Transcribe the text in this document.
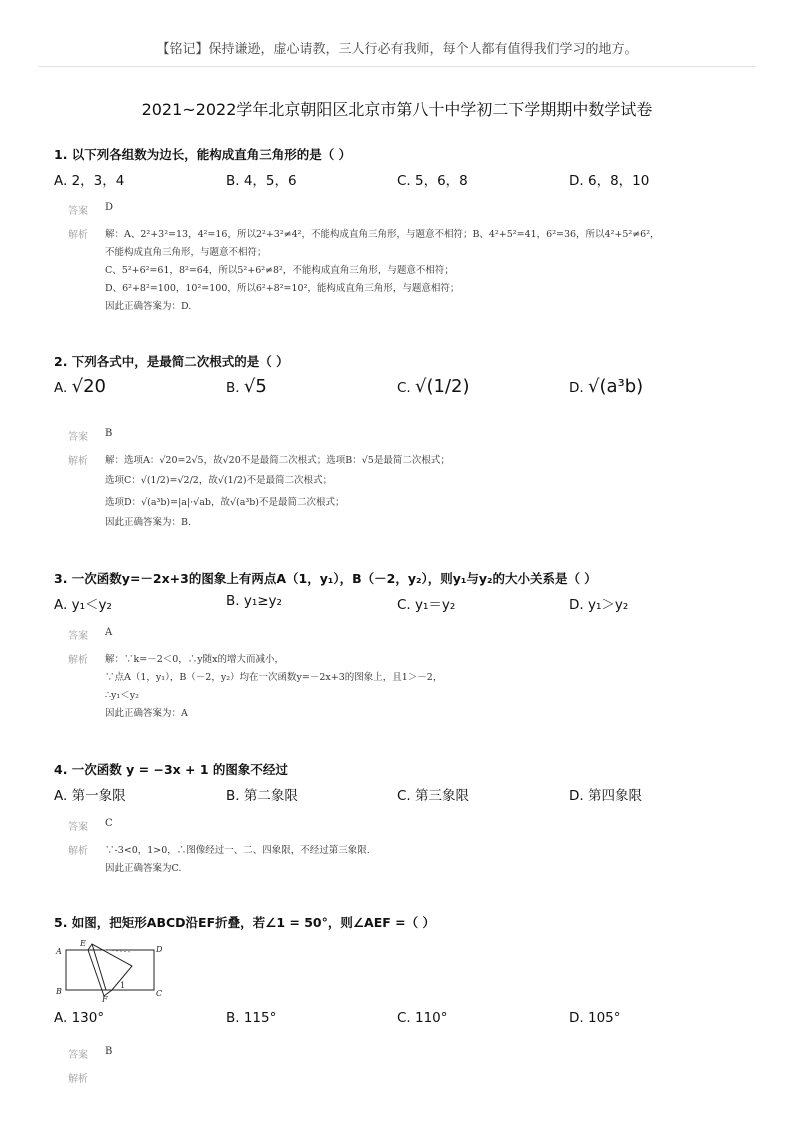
【铭记】保持谦逊，虚心请教，三人行必有我师，每个人都有值得我们学习的地方。
2021~2022学年北京朝阳区北京市第八十中学初二下学期期中数学试卷
1. 以下列各组数为边长，能构成直角三角形的是（ ）
A. 2，3，4	B. 4，5，6	C. 5，6，8	D. 6，8，10
答案 D
解析 解：A、2²+3²=13，4²=16，所以2²+3²≠4²，不能构成直角三角形，与题意不相符；B、4²+5²=41，6²=36，所以4²+5²≠6²，
不能构成直角三角形，与题意不相符；
C、5²+6²=61，8²=64，所以5²+6²≠8²，不能构成直角三角形，与题意不相符；
D、6²+8²=100，10²=100，所以6²+8²=10²，能构成直角三角形，与题意相符；
因此正确答案为：D.
2. 下列各式中，是最简二次根式的是（ ）
A. √20	B. √5	C. √(1/2)	D. √(a³b)
答案 B
解析 解：选项A：√20=2√5，故√20不是最简二次根式；选项B：√5是最简二次根式；
选项C：√(1/2)=√2/2，故√(1/2)不是最简二次根式；
选项D：√(a³b)=|a|·√ab，故√(a³b)不是最简二次根式；
因此正确答案为：B.
3. 一次函数y=－2x+3的图象上有两点A（1，y₁），B（－2，y₂），则y₁与y₂的大小关系是（ ）
A. y₁＜y₂	B. y₁≥y₂	C. y₁＝y₂	D. y₁＞y₂
答案 A
解析 解：∵k=－2＜0，∴y随x的增大而减小，
∵点A（1，y₁），B（－2，y₂）均在一次函数y=－2x+3的图象上，且1＞－2，
∴y₁＜y₂
因此正确答案为：A
4. 一次函数 y = −3x + 1 的图象不经过
A. 第一象限	B. 第二象限	C. 第三象限	D. 第四象限
答案 C
解析 ∵-3<0，1>0，∴图像经过一、二、四象限，不经过第三象限.
因此正确答案为C.
5. 如图，把矩形ABCD沿EF折叠，若∠1 = 50°，则∠AEF =（ ）
A
E
D
B
F
1
C
A. 130°	B. 115°	C. 110°	D. 105°
答案 B
解析
